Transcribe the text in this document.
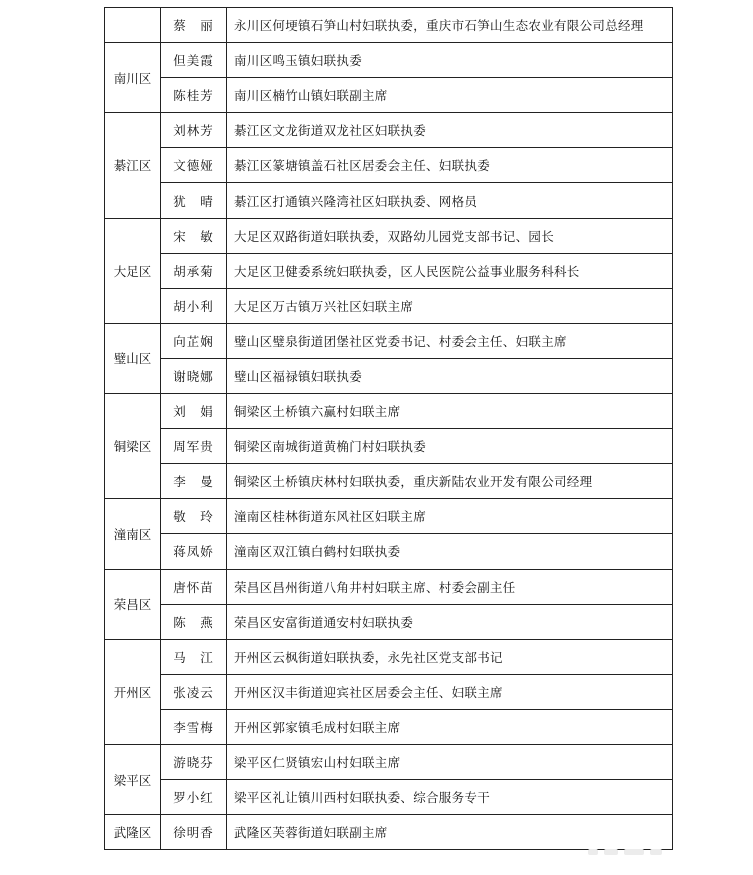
	蔡　丽	永川区何埂镇石笋山村妇联执委，重庆市石笋山生态农业有限公司总经理
南川区	但美霞	南川区鸣玉镇妇联执委
	陈桂芳	南川区楠竹山镇妇联副主席
綦江区	刘林芳	綦江区文龙街道双龙社区妇联执委
	文德娅	綦江区篆塘镇盖石社区居委会主任、妇联执委
	犹　晴	綦江区打通镇兴隆湾社区妇联执委、网格员
大足区	宋　敏	大足区双路街道妇联执委，双路幼儿园党支部书记、园长
	胡承菊	大足区卫健委系统妇联执委，区人民医院公益事业服务科科长
	胡小利	大足区万古镇万兴社区妇联主席
璧山区	向芷娴	璧山区璧泉街道团堡社区党委书记、村委会主任、妇联主席
	谢晓娜	璧山区福禄镇妇联执委
铜梁区	刘　娟	铜梁区土桥镇六赢村妇联主席
	周军贵	铜梁区南城街道黄桷门村妇联执委
	李　曼	铜梁区土桥镇庆林村妇联执委，重庆新陆农业开发有限公司经理
潼南区	敬　玲	潼南区桂林街道东风社区妇联主席
	蒋凤娇	潼南区双江镇白鹤村妇联执委
荣昌区	唐怀苗	荣昌区昌州街道八角井村妇联主席、村委会副主任
	陈　燕	荣昌区安富街道通安村妇联执委
开州区	马　江	开州区云枫街道妇联执委，永先社区党支部书记
	张凌云	开州区汉丰街道迎宾社区居委会主任、妇联主席
	李雪梅	开州区郭家镇毛成村妇联主席
梁平区	游晓芬	梁平区仁贤镇宏山村妇联主席
	罗小红	梁平区礼让镇川西村妇联执委、综合服务专干
武隆区	徐明香	武隆区芙蓉街道妇联副主席
